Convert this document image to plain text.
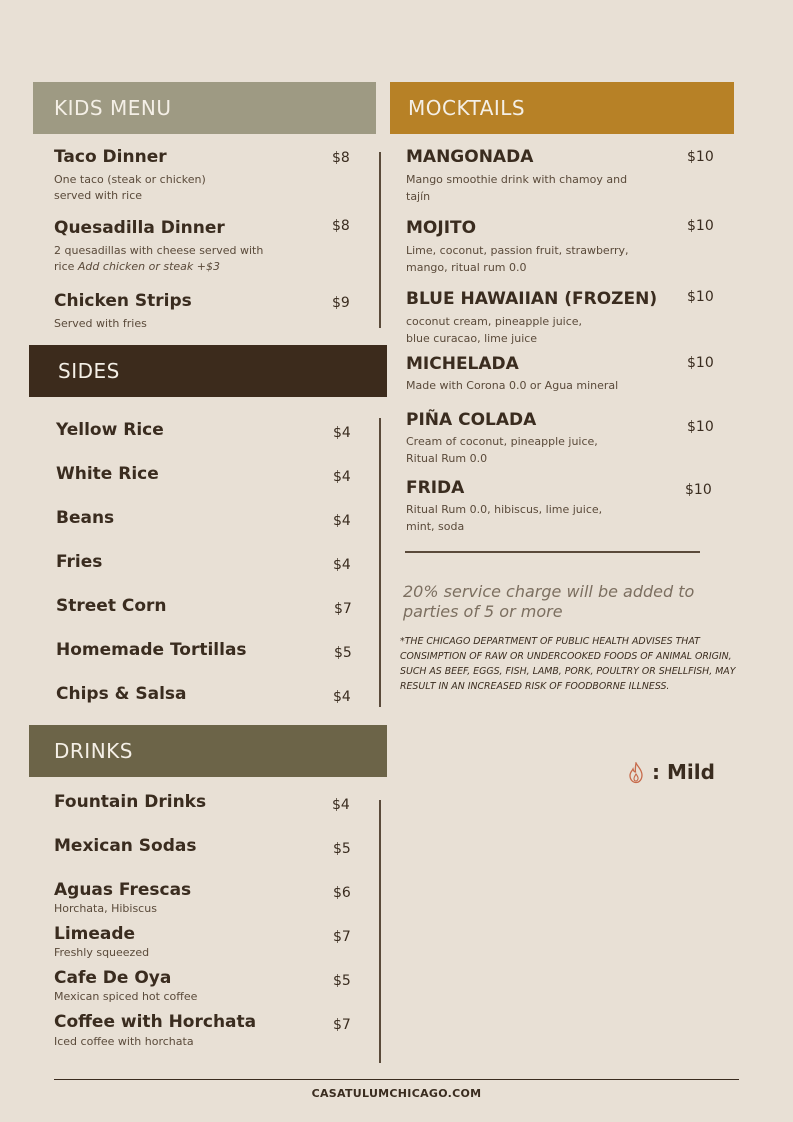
KIDS MENU
Taco Dinner	$8
One taco (steak or chicken) served with rice
Quesadilla Dinner	$8
2 quesadillas with cheese served with rice Add chicken or steak +$3
Chicken Strips	$9
Served with fries
SIDES
Yellow Rice	$4
White Rice	$4
Beans	$4
Fries	$4
Street Corn	$7
Homemade Tortillas	$5
Chips & Salsa	$4
DRINKS
Fountain Drinks	$4
Mexican Sodas	$5
Aguas Frescas	$6
Horchata, Hibiscus
Limeade	$7
Freshly squeezed
Cafe De Oya	$5
Mexican spiced hot coffee
Coffee with Horchata	$7
Iced coffee with horchata
MOCKTAILS
MANGONADA	$10
Mango smoothie drink with chamoy and tajín
MOJITO	$10
Lime, coconut, passion fruit, strawberry, mango, ritual rum 0.0
BLUE HAWAIIAN (FROZEN) $10
coconut cream, pineapple juice, blue curacao, lime juice
MICHELADA	$10
Made with Corona 0.0 or Agua mineral
PIÑA COLADA	$10
Cream of coconut, pineapple juice, Ritual Rum 0.0
FRIDA	$10
Ritual Rum 0.0, hibiscus, lime juice, mint, soda
20% service charge will be added to parties of 5 or more
*THE CHICAGO DEPARTMENT OF PUBLIC HEALTH ADVISES THAT CONSIMPTION OF RAW OR UNDERCOOKED FOODS OF ANIMAL ORIGIN, SUCH AS BEEF, EGGS, FISH, LAMB, PORK, POULTRY OR SHELLFISH, MAY RESULT IN AN INCREASED RISK OF FOODBORNE ILLNESS.
: Mild
CASATULUMCHICAGO.COM
